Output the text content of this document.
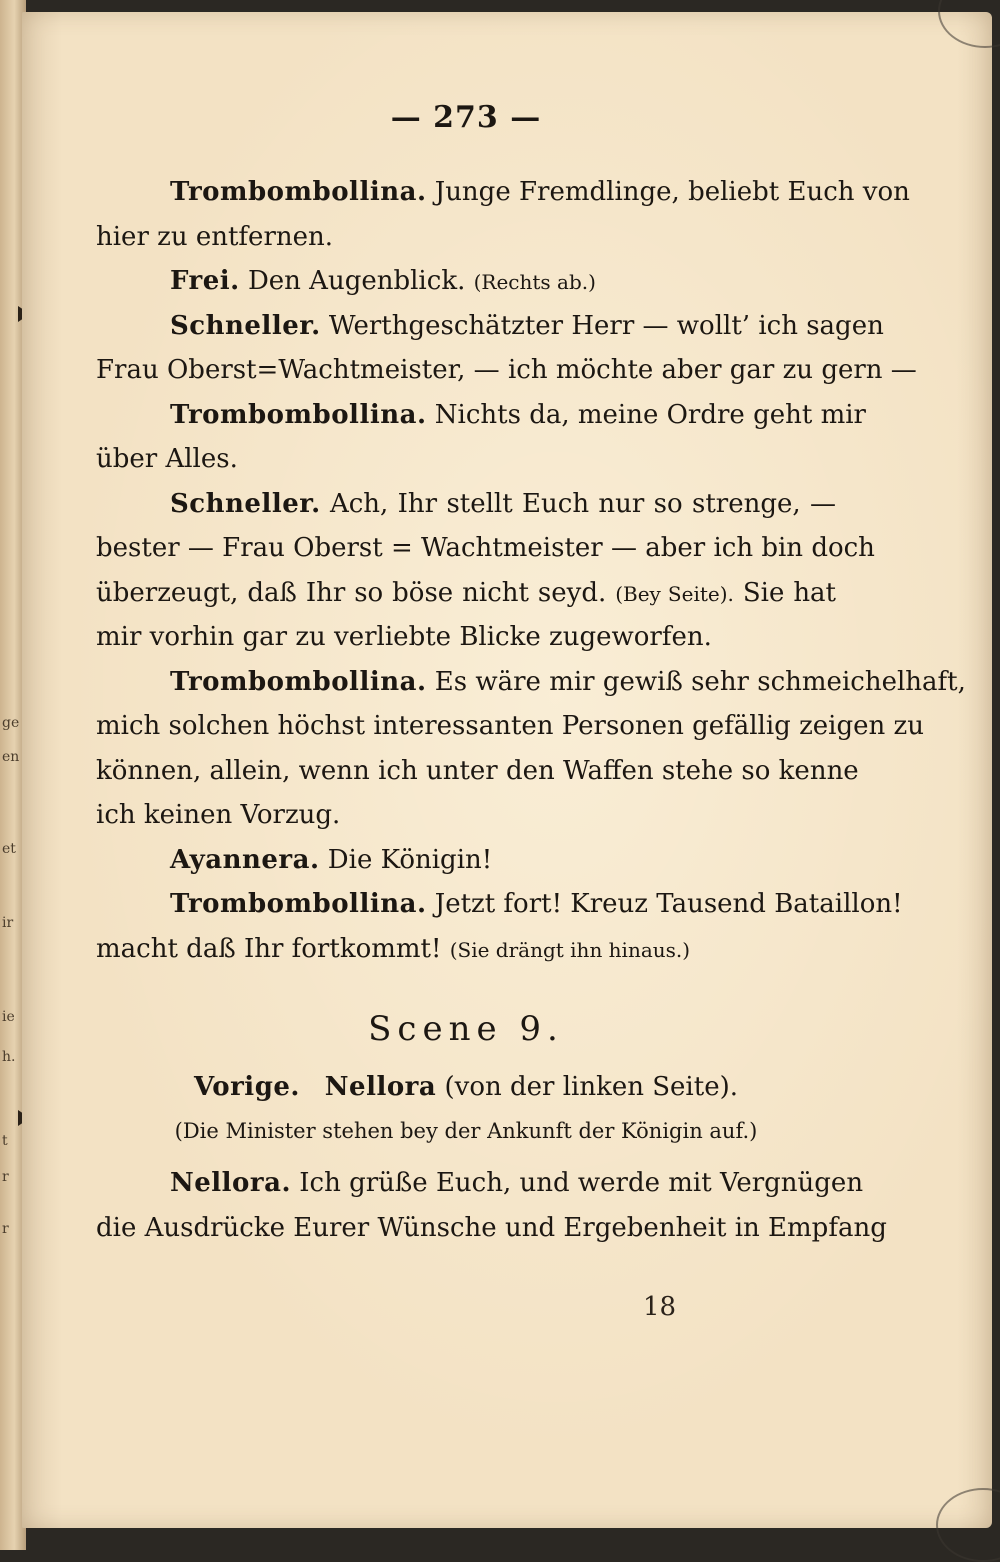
ge
en
et
ir
ie
h.
t
r
r
— 273 —
Trombombollina. Junge Fremdlinge, beliebt Euch von
hier zu entfernen.
Frei. Den Augenblick. (Rechts ab.)
Schneller. Werthgeschätzter Herr — wollt’ ich sagen
Frau Oberst=Wachtmeister, — ich möchte aber gar zu gern —
Trombombollina. Nichts da, meine Ordre geht mir
über Alles.
Schneller. Ach, Ihr stellt Euch nur so strenge, —
bester — Frau Oberst = Wachtmeister — aber ich bin doch
überzeugt, daß Ihr so böse nicht seyd. (Bey Seite). Sie hat
mir vorhin gar zu verliebte Blicke zugeworfen.
Trombombollina. Es wäre mir gewiß sehr schmeichelhaft,
mich solchen höchst interessanten Personen gefällig zeigen zu
können, allein, wenn ich unter den Waffen stehe so kenne
ich keinen Vorzug.
Ayannera. Die Königin!
Trombombollina. Jetzt fort! Kreuz Tausend Bataillon!
macht daß Ihr fortkommt! (Sie drängt ihn hinaus.)
Scene 9.
Vorige. Nellora (von der linken Seite).
(Die Minister stehen bey der Ankunft der Königin auf.)
Nellora. Ich grüße Euch, und werde mit Vergnügen
die Ausdrücke Eurer Wünsche und Ergebenheit in Empfang
18
